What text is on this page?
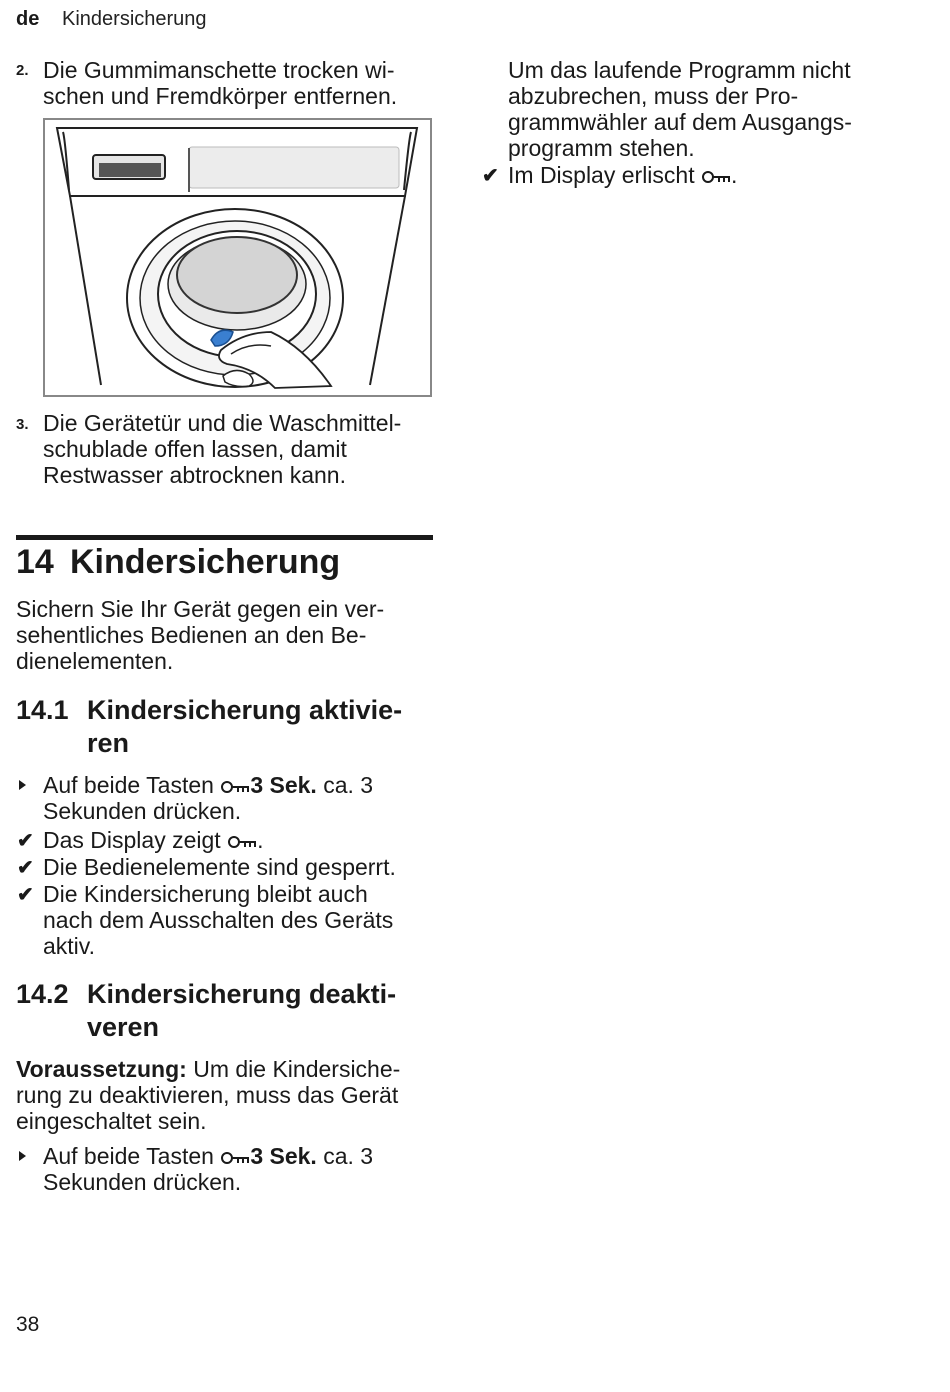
de Kindersicherung
2. Die Gummimanschette trocken wi-
schen und Fremdkörper entfernen.
3. Die Gerätetür und die Waschmittel-
schublade offen lassen, damit
Restwasser abtrocknen kann.
14 Kindersicherung
Sichern Sie Ihr Gerät gegen ein ver-
sehentliches Bedienen an den Be-
dienelementen.
14.1 Kindersicherung aktivie-
ren
Auf beide Tasten 3 Sek. ca. 3
Sekunden drücken.
✔ Das Display zeigt .
✔ Die Bedienelemente sind gesperrt.
✔ Die Kindersicherung bleibt auch
nach dem Ausschalten des Geräts
aktiv.
14.2 Kindersicherung deakti-
veren
Voraussetzung: Um die Kindersiche-
rung zu deaktivieren, muss das Gerät
eingeschaltet sein.
Auf beide Tasten 3 Sek. ca. 3
Sekunden drücken.
Um das laufende Programm nicht
abzubrechen, muss der Pro-
grammwähler auf dem Ausgangs-
programm stehen.
✔ Im Display erlischt .
38
